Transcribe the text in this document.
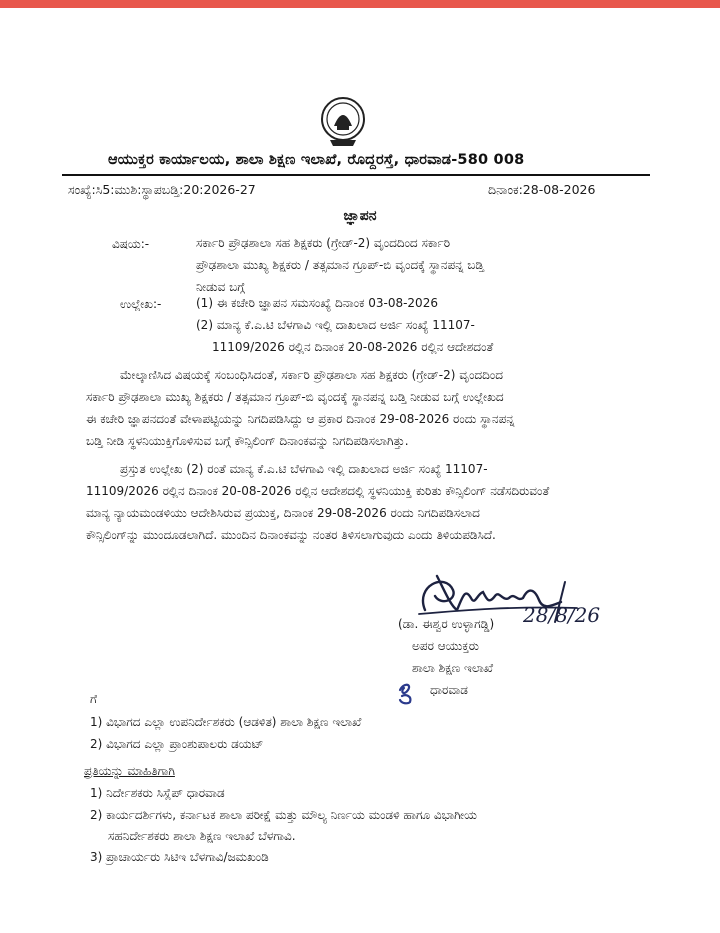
ಆಯುಕ್ತರ ಕಾರ್ಯಾಲಯ, ಶಾಲಾ ಶಿಕ್ಷಣ ಇಲಾಖೆ, ರೊದ್ದರಸ್ತೆ, ಧಾರವಾಡ-580 008
ಸಂಖ್ಯೆ:ಸಿ5:ಮುಶಿ:ಸ್ಥಾಪಬಡ್ತಿ:20:2026-27	ದಿನಾಂಕ:28-08-2026
ಜ್ಞಾಪನ
ವಿಷಯ:-	ಸರ್ಕಾರಿ ಪ್ರೌಢಶಾಲಾ ಸಹ ಶಿಕ್ಷಕರು (ಗ್ರೇಡ್-2) ವೃಂದದಿಂದ ಸರ್ಕಾರಿ
ಪ್ರೌಢಶಾಲಾ ಮುಖ್ಯ ಶಿಕ್ಷಕರು / ತತ್ಸಮಾನ ಗ್ರೂಪ್-ಬಿ ವೃಂದಕ್ಕೆ ಸ್ಥಾನಪನ್ನ ಬಡ್ತಿ
ನೀಡುವ ಬಗ್ಗೆ
ಉಲ್ಲೇಖ:-	(1) ಈ ಕಚೇರಿ ಜ್ಞಾಪನ ಸಮಸಂಖ್ಯೆ ದಿನಾಂಕ 03-08-2026
(2) ಮಾನ್ಯ ಕೆ.ಎ.ಟಿ ಬೆಳಗಾವಿ ಇಲ್ಲಿ ದಾಖಲಾದ ಅರ್ಜಿ ಸಂಖ್ಯೆ 11107-
11109/2026 ರಲ್ಲಿನ ದಿನಾಂಕ 20-08-2026 ರಲ್ಲಿನ ಆದೇಶದಂತೆ
ಮೇಲ್ಕಾಣಿಸಿದ ವಿಷಯಕ್ಕೆ ಸಂಬಂಧಿಸಿದಂತೆ, ಸರ್ಕಾರಿ ಪ್ರೌಢಶಾಲಾ ಸಹ ಶಿಕ್ಷಕರು (ಗ್ರೇಡ್-2) ವೃಂದದಿಂದ
ಸರ್ಕಾರಿ ಪ್ರೌಢಶಾಲಾ ಮುಖ್ಯ ಶಿಕ್ಷಕರು / ತತ್ಸಮಾನ ಗ್ರೂಪ್-ಬಿ ವೃಂದಕ್ಕೆ ಸ್ಥಾನಪನ್ನ ಬಡ್ತಿ ನೀಡುವ ಬಗ್ಗೆ ಉಲ್ಲೇಖದ
ಈ ಕಚೇರಿ ಜ್ಞಾಪನದಂತೆ ವೇಳಾಪಟ್ಟಿಯನ್ನು ನಿಗದಿಪಡಿಸಿದ್ದು ಆ ಪ್ರಕಾರ ದಿನಾಂಕ 29-08-2026 ರಂದು ಸ್ಥಾನಪನ್ನ
ಬಡ್ತಿ ನೀಡಿ ಸ್ಥಳನಿಯುಕ್ತಿಗೊಳಿಸುವ ಬಗ್ಗೆ ಕೌನ್ಸಿಲಿಂಗ್ ದಿನಾಂಕವನ್ನು ನಿಗದಿಪಡಿಸಲಾಗಿತ್ತು.
ಪ್ರಸ್ತುತ ಉಲ್ಲೇಖ (2) ರಂತೆ ಮಾನ್ಯ ಕೆ.ಎ.ಟಿ ಬೆಳಗಾವಿ ಇಲ್ಲಿ ದಾಖಲಾದ ಅರ್ಜಿ ಸಂಖ್ಯೆ 11107-
11109/2026 ರಲ್ಲಿನ ದಿನಾಂಕ 20-08-2026 ರಲ್ಲಿನ ಆದೇಶದಲ್ಲಿ ಸ್ಥಳನಿಯುಕ್ತಿ ಕುರಿತು ಕೌನ್ಸಿಲಿಂಗ್ ನಡೆಸದಿರುವಂತೆ
ಮಾನ್ಯ ನ್ಯಾಯಮಂಡಳಿಯು ಆದೇಶಿಸಿರುವ ಪ್ರಯುಕ್ತ, ದಿನಾಂಕ 29-08-2026 ರಂದು ನಿಗದಿಪಡಿಸಲಾದ
ಕೌನ್ಸಿಲಿಂಗ್‌ನ್ನು ಮುಂದೂಡಲಾಗಿದೆ. ಮುಂದಿನ ದಿನಾಂಕವನ್ನು ನಂತರ ತಿಳಿಸಲಾಗುವುದು ಎಂದು ತಿಳಿಯಪಡಿಸಿದೆ.
28/8/26
(ಡಾ. ಈಶ್ವರ ಉಳ್ಳಾಗಡ್ಡಿ)
ಅಪರ ಆಯುಕ್ತರು
ಶಾಲಾ ಶಿಕ್ಷಣ ಇಲಾಖೆ
ಧಾರವಾಡ
ಗೆ
1) ವಿಭಾಗದ ಎಲ್ಲಾ ಉಪನಿರ್ದೇಶಕರು (ಆಡಳಿತ) ಶಾಲಾ ಶಿಕ್ಷಣ ಇಲಾಖೆ
2) ವಿಭಾಗದ ಎಲ್ಲಾ ಪ್ರಾಂಶುಪಾಲರು ಡಯಟ್
ಪ್ರತಿಯನ್ನು ಮಾಹಿತಿಗಾಗಿ
1) ನಿರ್ದೇಶಕರು ಸಿಸ್ಲೆಪ್ ಧಾರವಾಡ
2) ಕಾರ್ಯದರ್ಶಿಗಳು, ಕರ್ನಾಟಕ ಶಾಲಾ ಪರೀಕ್ಷೆ ಮತ್ತು ಮೌಲ್ಯ ನಿರ್ಣಯ ಮಂಡಳಿ ಹಾಗೂ ವಿಭಾಗೀಯ
ಸಹನಿರ್ದೇಶಕರು ಶಾಲಾ ಶಿಕ್ಷಣ ಇಲಾಖೆ ಬೆಳಗಾವಿ.
3) ಪ್ರಾಚಾರ್ಯರು ಸಿಟಿಇ ಬೆಳಗಾವಿ/ಜಮಖಂಡಿ
